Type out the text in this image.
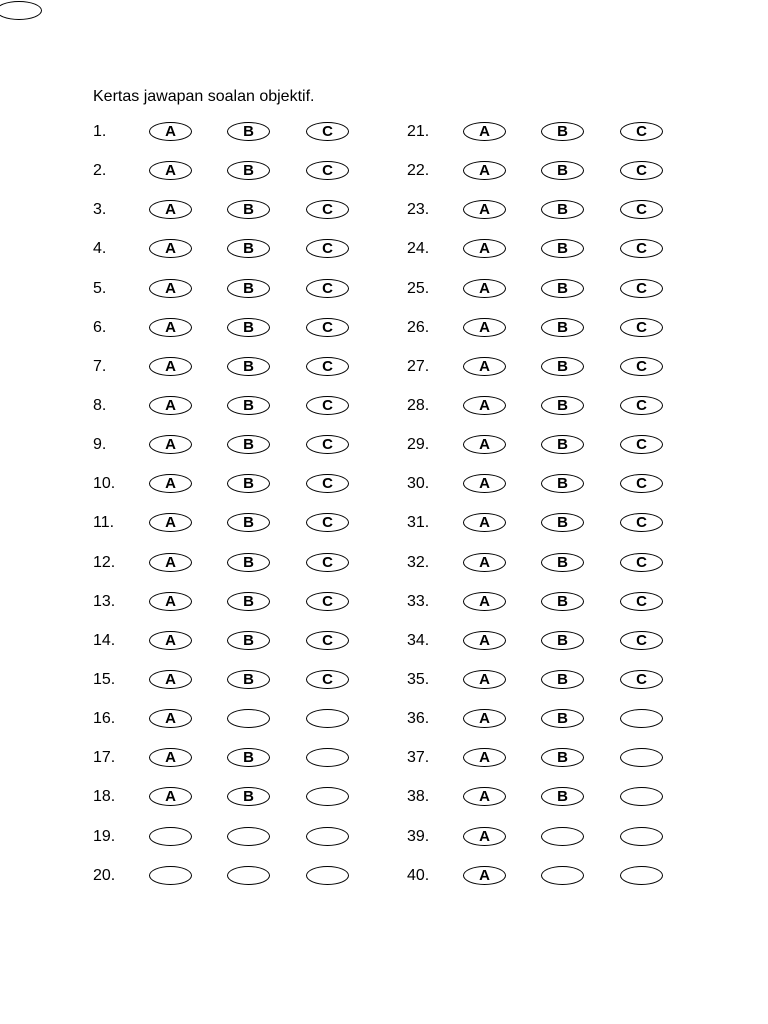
Kertas jawapan soalan objektif.
1.	A	B	C
2.	A	B	C
3.	A	B	C
4.	A	B	C
5.	A	B	C
6.	A	B	C
7.	A	B	C
8.	A	B	C
9.	A	B	C
10.	A	B	C
11.	A	B	C
12.	A	B	C
13.	A	B	C
14.	A	B	C
15.	A	B	C
16.	A
17.	A	B
18.	A	B
19.
20.
21.	A	B	C
22.	A	B	C
23.	A	B	C
24.	A	B	C
25.	A	B	C
26.	A	B	C
27.	A	B	C
28.	A	B	C
29.	A	B	C
30.	A	B	C
31.	A	B	C
32.	A	B	C
33.	A	B	C
34.	A	B	C
35.	A	B	C
36.	A	B
37.	A	B
38.	A	B
39.	A
40.	A
